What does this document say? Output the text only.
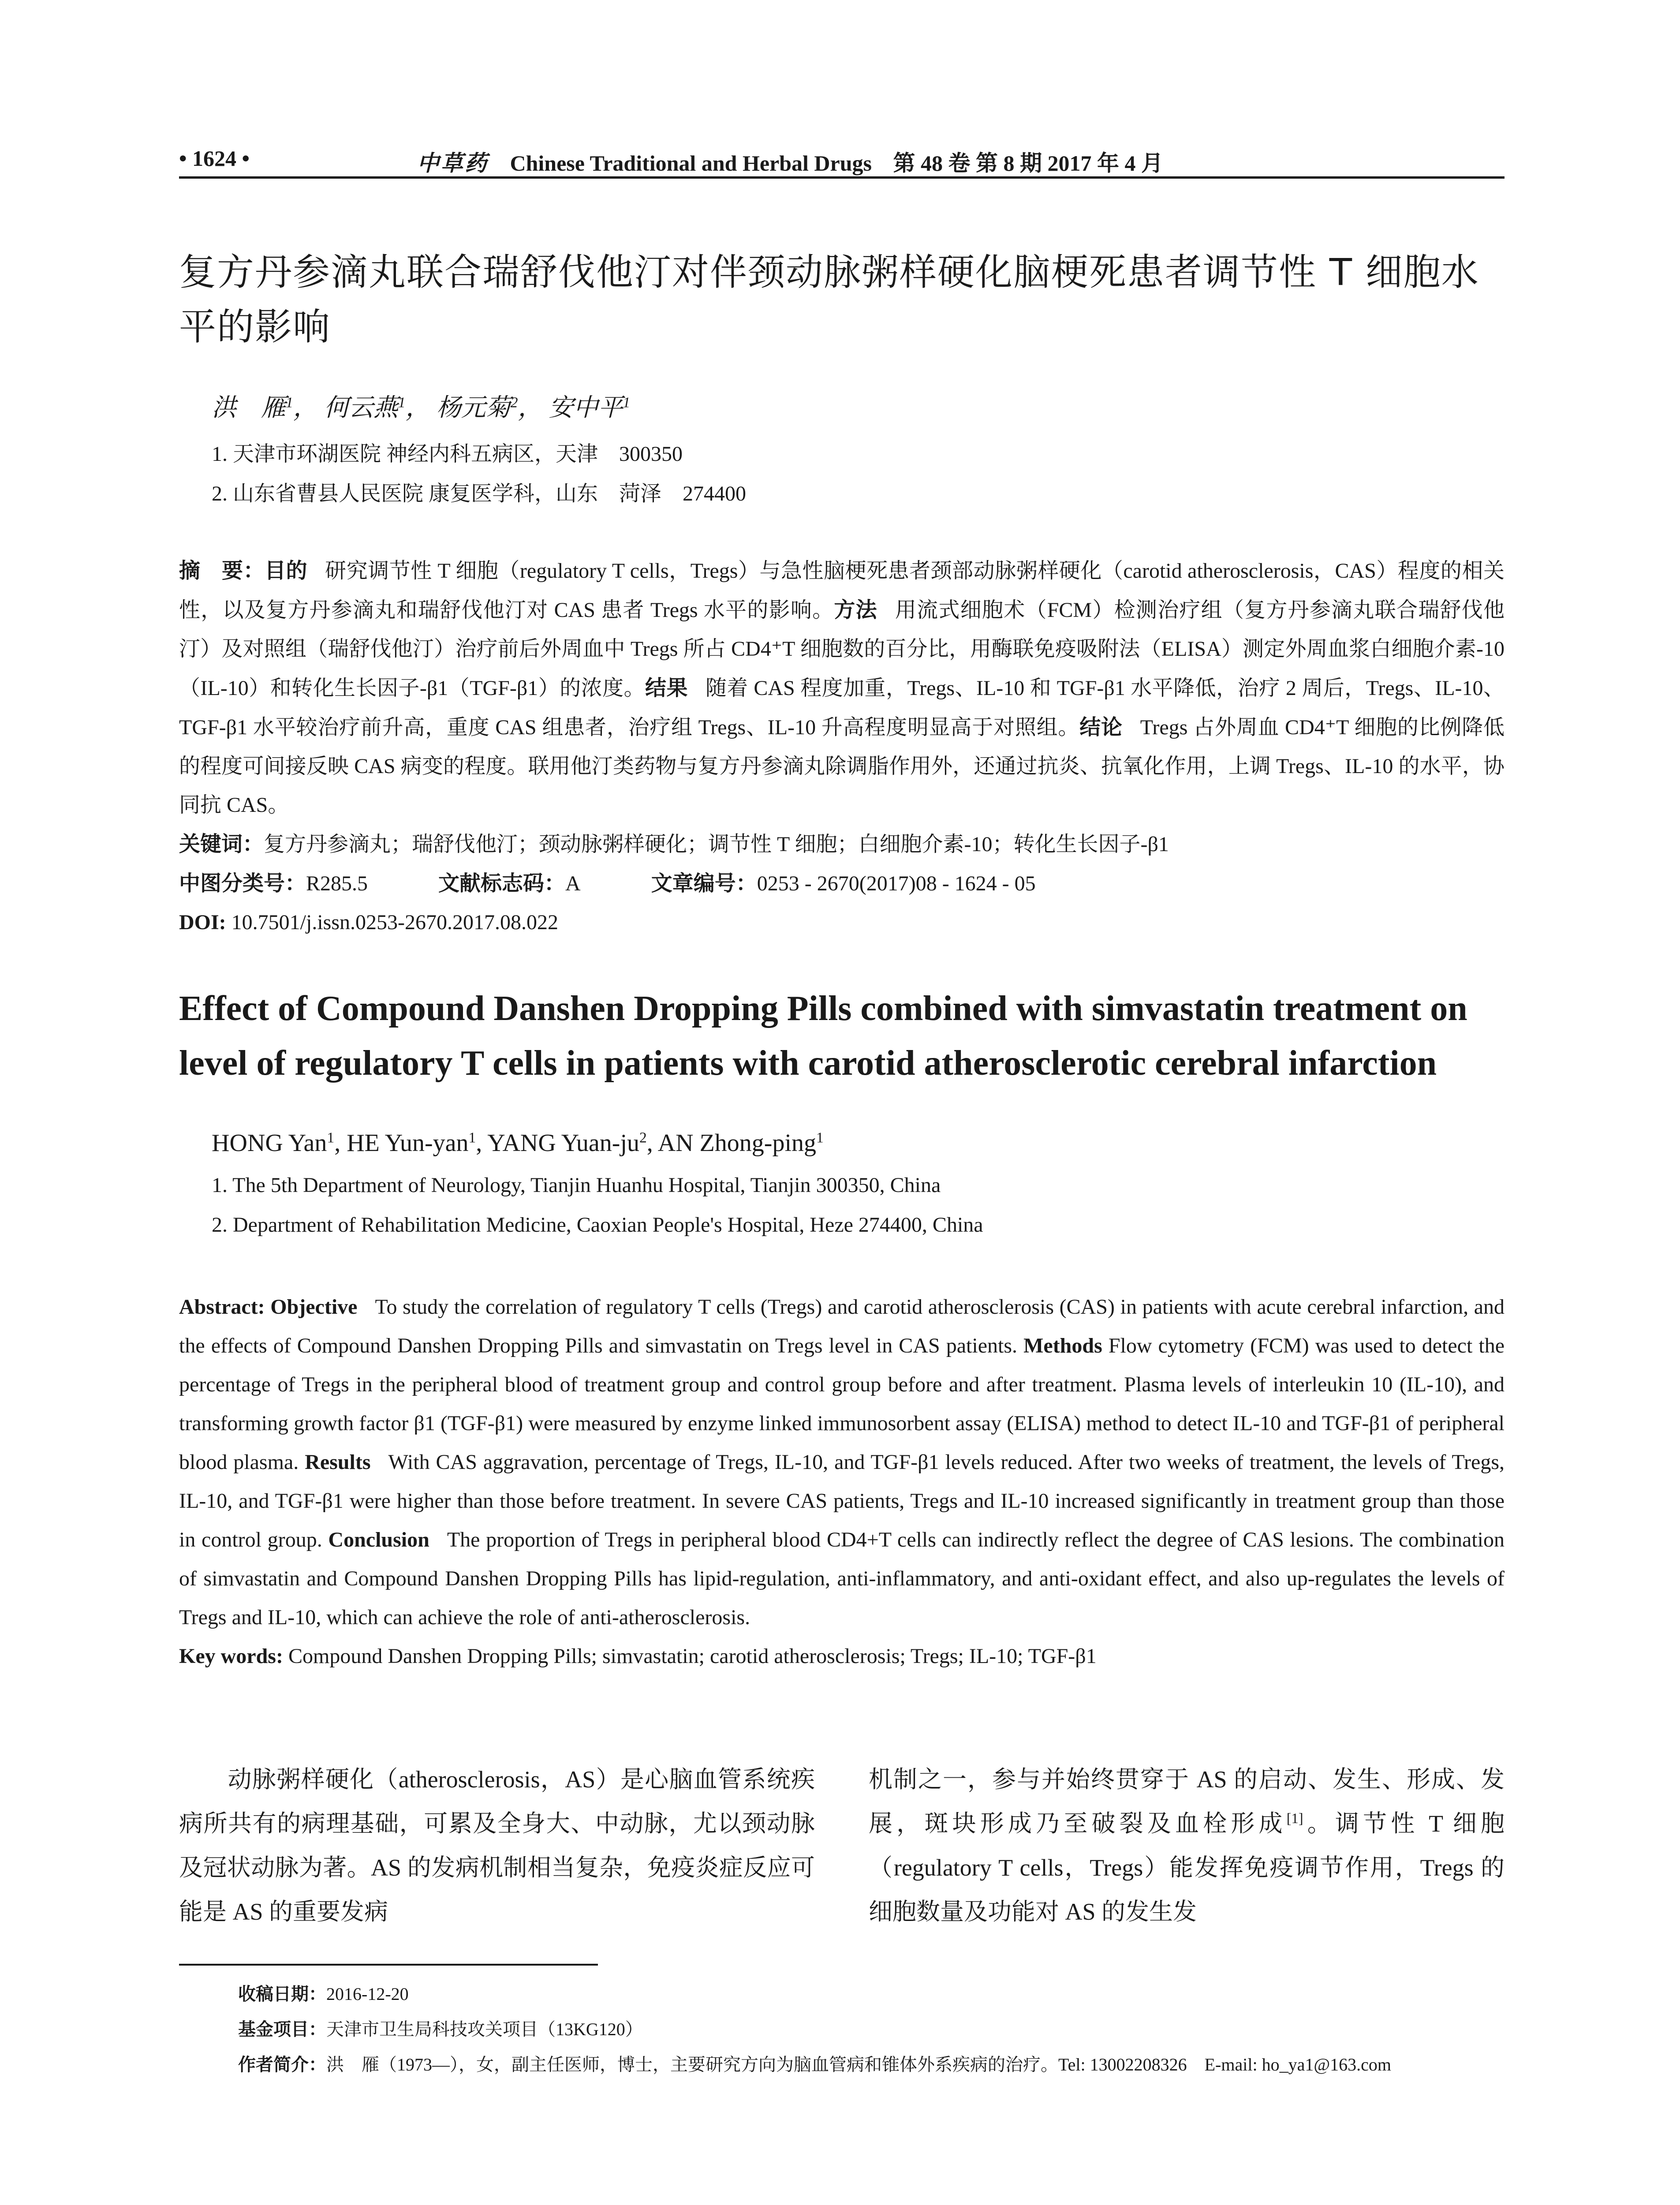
• 1624 •	中草药 Chinese Traditional and Herbal Drugs 第 48 卷 第 8 期 2017 年 4 月
复方丹参滴丸联合瑞舒伐他汀对伴颈动脉粥样硬化脑梗死患者调节性 T 细胞水平的影响
洪　雁$^1$， 何云燕$^1$， 杨元菊$^2$， 安中平$^1$
1. 天津市环湖医院 神经内科五病区，天津　300350
2. 山东省曹县人民医院 康复医学科，山东　菏泽　274400

摘　要：目的 研究调节性 T 细胞（regulatory T cells，Tregs）与急性脑梗死患者颈部动脉粥样硬化（carotid atherosclerosis，CAS）程度的相关性，以及复方丹参滴丸和瑞舒伐他汀对 CAS 患者 Tregs 水平的影响。方法 用流式细胞术（FCM）检测治疗组（复方丹参滴丸联合瑞舒伐他汀）及对照组（瑞舒伐他汀）治疗前后外周血中 Tregs 所占 CD4⁺T 细胞数的百分比，用酶联免疫吸附法（ELISA）测定外周血浆白细胞介素-10（IL-10）和转化生长因子-β1（TGF-β1）的浓度。结果 随着 CAS 程度加重，Tregs、IL-10 和 TGF-β1 水平降低，治疗 2 周后，Tregs、IL-10、TGF-β1 水平较治疗前升高，重度 CAS 组患者，治疗组 Tregs、IL-10 升高程度明显高于对照组。结论 Tregs 占外周血 CD4⁺T 细胞的比例降低的程度可间接反映 CAS 病变的程度。联用他汀类药物与复方丹参滴丸除调脂作用外，还通过抗炎、抗氧化作用，上调 Tregs、IL-10 的水平，协同抗 CAS。

关键词：复方丹参滴丸；瑞舒伐他汀；颈动脉粥样硬化；调节性 T 细胞；白细胞介素-10；转化生长因子-β1

中图分类号：R285.5	文献标志码：A	文章编号：0253 - 2670(2017)08 - 1624 - 05

DOI: 10.7501/j.issn.0253-2670.2017.08.022

Effect of Compound Danshen Dropping Pills combined with simvastatin treatment on level of regulatory T cells in patients with carotid atherosclerotic cerebral infarction
HONG Yan$^1$, HE Yun-yan$^1$, YANG Yuan-$ju^2$, AN Zhong-ping$^1$
1. The 5th Department of Neurology, Tianjin Huanhu Hospital, Tianjin 300350, China
2. Department of Rehabilitation Medicine, Caoxian People's Hospital, Heze 274400, China

Abstract: Objective To study the correlation of regulatory T cells (Tregs) and carotid atherosclerosis (CAS) in patients with acute cerebral infarction, and the effects of Compound Danshen Dropping Pills and simvastatin on Tregs level in CAS patients. Methods Flow cytometry (FCM) was used to detect the percentage of Tregs in the peripheral blood of treatment group and control group before and after treatment. Plasma levels of interleukin 10 (IL-10), and transforming growth factor β1 (TGF-β1) were measured by enzyme linked immunosorbent assay (ELISA) method to detect IL-10 and TGF-β1 of peripheral blood plasma. Results With CAS aggravation, percentage of Tregs, IL-10, and TGF-β1 levels reduced. After two weeks of treatment, the levels of Tregs, IL-10, and TGF-β1 were higher than those before treatment. In severe CAS patients, Tregs and IL-10 increased significantly in treatment group than those in control group. Conclusion The proportion of Tregs in peripheral blood CD4+T cells can indirectly reflect the degree of CAS lesions. The combination of simvastatin and Compound Danshen Dropping Pills has lipid-regulation, anti-inflammatory, and anti-oxidant effect, and also up-regulates the levels of Tregs and IL-10, which can achieve the role of anti-atherosclerosis.

Key words: Compound Danshen Dropping Pills; simvastatin; carotid atherosclerosis; Tregs; IL-10; TGF-β1

　　动脉粥样硬化（atherosclerosis，AS）是心脑血管系统疾病所共有的病理基础，可累及全身大、中动脉，尤以颈动脉及冠状动脉为著。AS 的发病机制相当复杂，免疫炎症反应可能是 AS 的重要发病
机制之一，参与并始终贯穿于 AS 的启动、发生、形成、发展，斑块形成乃至破裂及血栓形成[1]。调节性 T 细胞（regulatory T cells，Tregs）能发挥免疫调节作用，Tregs 的细胞数量及功能对 AS 的发生发
收稿日期：2016-12-20
基金项目：天津市卫生局科技攻关项目（13KG120）
作者简介：洪　雁（1973—），女，副主任医师，博士，主要研究方向为脑血管病和锥体外系疾病的治疗。Tel: 13002208326　E-mail: ho_ya1@163.com
